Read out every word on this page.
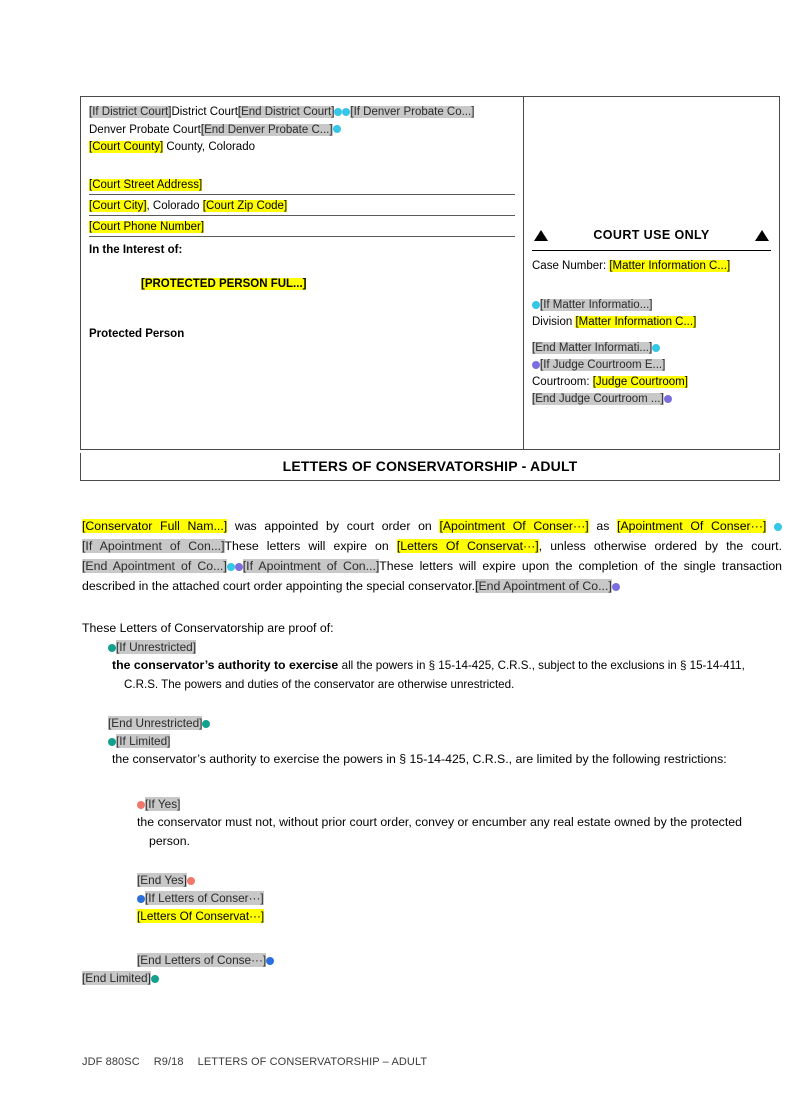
[If District Court]District Court[End District Court] [If Denver Probate Co...]
Denver Probate Court[End Denver Probate C...]
[Court County] County, Colorado
[Court Street Address]
[Court City], Colorado [Court Zip Code]
[Court Phone Number]
In the Interest of:
[PROTECTED PERSON FUL...]
Protected Person
COURT USE ONLY
Case Number: [Matter Information C...]
[If Matter Informatio...]
Division [Matter Information C...]
[End Matter Informati...]
[If Judge Courtroom E...]
Courtroom: [Judge Courtroom]
[End Judge Courtroom ...]
LETTERS OF CONSERVATORSHIP - ADULT
[Conservator Full Nam...] was appointed by court order on [Apointment Of Conser···] as [Apointment Of Conser···] [If Apointment of Con...]These letters will expire on [Letters Of Conservat···], unless otherwise ordered by the court.[End Apointment of Co...] [If Apointment of Con...]These letters will expire upon the completion of the single transaction described in the attached court order appointing the special conservator.[End Apointment of Co...]
These Letters of Conservatorship are proof of:
[If Unrestricted]
the conservator’s authority to exercise all the powers in § 15-14-425, C.R.S., subject to the exclusions in § 15-14-411, C.R.S. The powers and duties of the conservator are otherwise unrestricted.
[End Unrestricted]
[If Limited]
the conservator’s authority to exercise the powers in § 15-14-425, C.R.S., are limited by the following restrictions:
[If Yes]
the conservator must not, without prior court order, convey or encumber any real estate owned by the protected person.
[End Yes]
[If Letters of Conser···]
[Letters Of Conservat···]
[End Letters of Conse···]
[End Limited]
JDF 880SC R9/18 LETTERS OF CONSERVATORSHIP – ADULT
